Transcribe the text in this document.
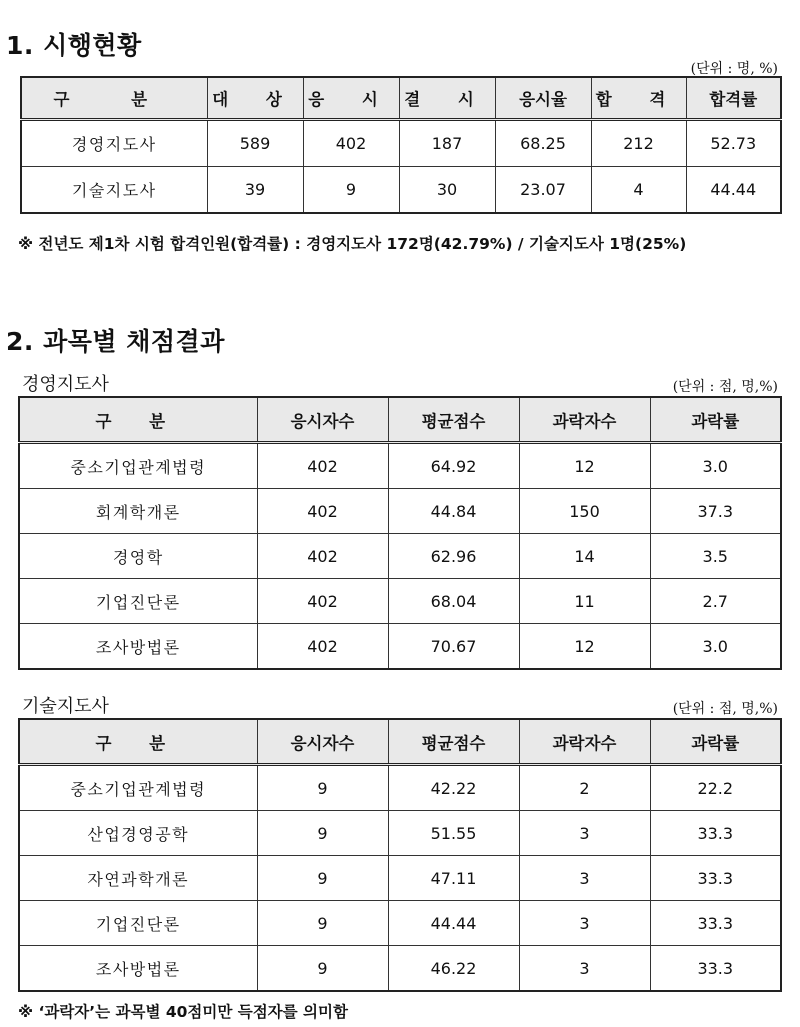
1. 시행현황
(단위 : 명, %)
구 분	대 상	응 시	결 시	응시율	합 격	합격률
경영지도사	589	402	187	68.25	212	52.73
기술지도사	39	9	30	23.07	4	44.44
※ 전년도 제1차 시험 합격인원(합격률) : 경영지도사 172명(42.79%) / 기술지도사 1명(25%)
2. 과목별 채점결과
경영지도사	(단위 : 점, 명,%)
구 분	응시자수	평균점수	과락자수	과락률
중소기업관계법령	402	64.92	12	3.0
회계학개론	402	44.84	150	37.3
경영학	402	62.96	14	3.5
기업진단론	402	68.04	11	2.7
조사방법론	402	70.67	12	3.0
기술지도사	(단위 : 점, 명,%)
구 분	응시자수	평균점수	과락자수	과락률
중소기업관계법령	9	42.22	2	22.2
산업경영공학	9	51.55	3	33.3
자연과학개론	9	47.11	3	33.3
기업진단론	9	44.44	3	33.3
조사방법론	9	46.22	3	33.3
※ ‘과락자’는 과목별 40점미만 득점자를 의미함
